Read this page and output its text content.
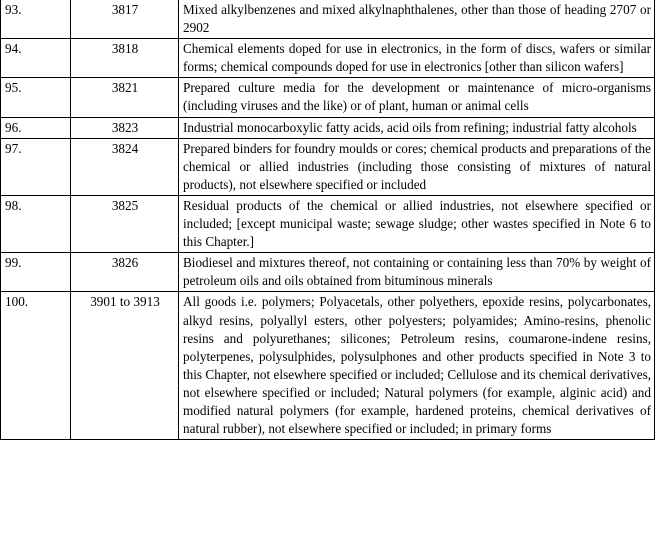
93.	3817	Mixed alkylbenzenes and mixed alkylnaphthalenes, other than those of heading 2707 or 2902
94.	3818	Chemical elements doped for use in electronics, in the form of discs, wafers or similar forms; chemical compounds doped for use in electronics [other than silicon wafers]
95.	3821	Prepared culture media for the development or maintenance of micro-organisms (including viruses and the like) or of plant, human or animal cells
96.	3823	Industrial monocarboxylic fatty acids, acid oils from refining; industrial fatty alcohols
97.	3824	Prepared binders for foundry moulds or cores; chemical products and preparations of the chemical or allied industries (including those consisting of mixtures of natural products), not elsewhere specified or included
98.	3825	Residual products of the chemical or allied industries, not elsewhere specified or included; [except municipal waste; sewage sludge; other wastes specified in Note 6 to this Chapter.]
99.	3826	Biodiesel and mixtures thereof, not containing or containing less than 70% by weight of petroleum oils and oils obtained from bituminous minerals
100.	3901 to 3913	All goods i.e. polymers; Polyacetals, other polyethers, epoxide resins, polycarbonates, alkyd resins, polyallyl esters, other polyesters; polyamides; Amino-resins, phenolic resins and polyurethanes; silicones; Petroleum resins, coumarone-indene resins, polyterpenes, polysulphides, polysulphones and other products specified in Note 3 to this Chapter, not elsewhere specified or included; Cellulose and its chemical derivatives, not elsewhere specified or included; Natural polymers (for example, alginic acid) and modified natural polymers (for example, hardened proteins, chemical derivatives of natural rubber), not elsewhere specified or included; in primary forms
